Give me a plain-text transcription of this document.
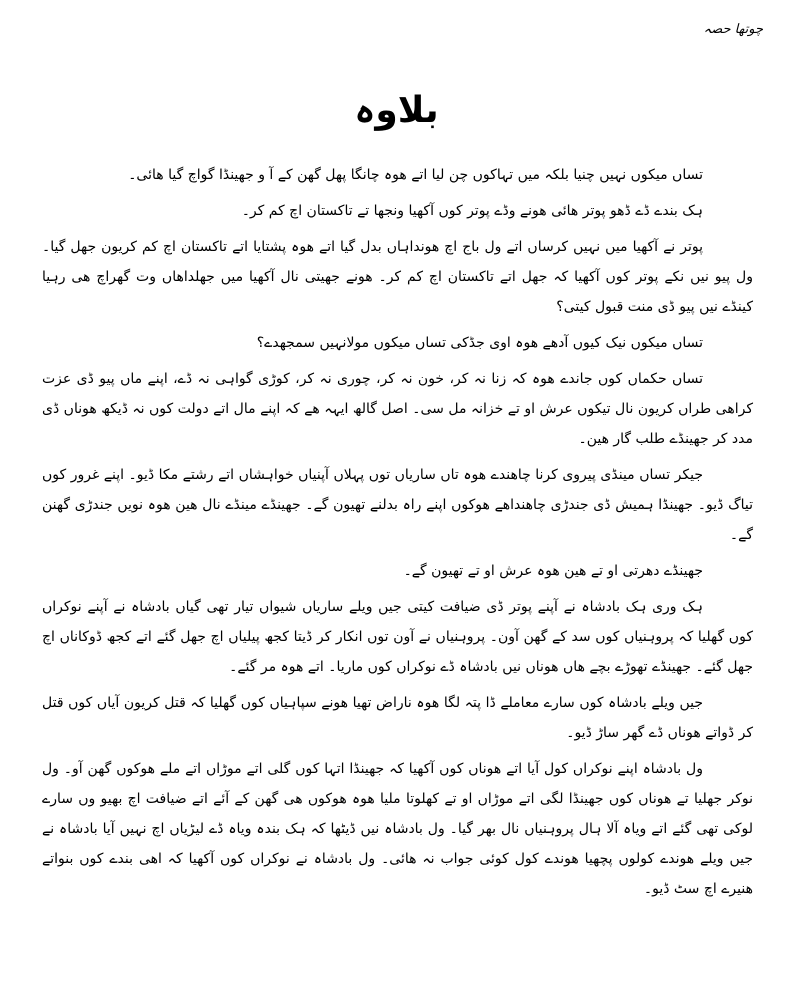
چوتھا حصہ
بلاوہ

تساں میکوں نہیں چنیا بلکہ میں تہاکوں چن لیا اتے ھوہ چانگا پھل گھن کے آ و جھینڈا گواچ گیا ھائی۔

ہک بندے ڈے ڈھو پوتر ھائی ھونے وڈے پوتر کوں آکھیا ونجھا تے تاکستان اچ کم کر۔

پوتر نے آکھیا میں نہیں کرساں اتے ول باج اچ ھونداہاں بدل گیا اتے ھوہ پشتایا اتے تاکستان اچ کم کریون جھل گیا۔ ول پیو نیں نکے پوتر کوں آکھیا کہ جھل اتے تاکستان اچ کم کر۔ ھونے جھیتی نال آکھیا میں جھلداھاں وت گھراچ ھی رہیا کینڈے نیں پیو ڈی منت قبول کیتی؟

تساں میکوں نیک کیوں آدھے ھوہ اوی جڈکی تساں میکوں مولانہیں سمجھدے؟

تساں حکماں کوں جاندے ھوہ کہ زنا نہ کر، خون نہ کر، چوری نہ کر، کوڑی گواہی نہ ڈے، اپنے ماں پیو ڈی عزت کراھی طراں کریون نال تیکوں عرش او تے خزانہ مل سی۔ اصل گالھ ایہہ ھے کہ اپنے مال اتے دولت کوں نہ ڈیکھ ھوناں ڈی مدد کر جھینڈے طلب گار ھین۔

جیکر تساں مینڈی پیروی کرنا چاھندے ھوہ تاں ساریاں توں پہلاں آپنیاں خواہشاں اتے رشتے مکا ڈیو۔ اپنے غرور کوں تیاگ ڈیو۔ جھینڈا ہمیش ڈی جندڑی چاھنداھے ھوکوں اپنے راہ بدلنے تھیون گے۔ جھینڈے مینڈے نال ھین ھوہ نویں جندڑی گھنن گے۔

جھینڈے دھرتی او تے ھین ھوہ عرش او تے تھیون گے۔

ہک وری ہک بادشاہ نے آپنے پوتر ڈی ضیافت کیتی جیں ویلے ساریاں شیواں تیار تھی گیاں بادشاہ نے آپنے نوکراں کوں گھلیا کہ پروہنیاں کوں سد کے گھن آون۔ پروہنیاں نے آون توں انکار کر ڈیتا کجھ پیلیاں اچ جھل گئے اتے کجھ ڈوکاناں اچ جھل گئے۔ جھینڈے تھوڑے بچے ھاں ھوناں نیں بادشاہ ڈے نوکراں کوں ماریا۔ اتے ھوہ مر گئے۔

جیں ویلے بادشاہ کوں سارے معاملے ڈا پتہ لگا ھوہ ناراض تھیا ھونے سپاہیاں کوں گھلیا کہ قتل کریون آیاں کوں قتل کر ڈواتے ھوناں ڈے گھر ساڑ ڈیو۔

ول بادشاہ اپنے نوکراں کول آیا اتے ھوناں کوں آکھیا کہ جھینڈا اتہا کوں گلی اتے موڑاں اتے ملے ھوکوں گھن آو۔ ول نوکر جھلیا تے ھوناں کوں جھینڈا لگی اتے موڑاں او تے کھلوتا ملیا ھوہ ھوکوں ھی گھن کے آئے اتے ضیافت اچ بھیو وں سارے لوکی تھی گئے اتے ویاہ آلا ہال پروہنیاں نال بھر گیا۔ ول بادشاہ نیں ڈیٹھا کہ ہک بندہ ویاہ ڈے لیڑیاں اچ نہیں آیا بادشاہ نے جیں ویلے ھوندے کولوں پچھیا ھوندے کول کوئی جواب نہ ھائی۔ ول بادشاہ نے نوکراں کوں آکھیا کہ اھی بندے کوں بنواتے ھنیرے اچ سٹ ڈیو۔
